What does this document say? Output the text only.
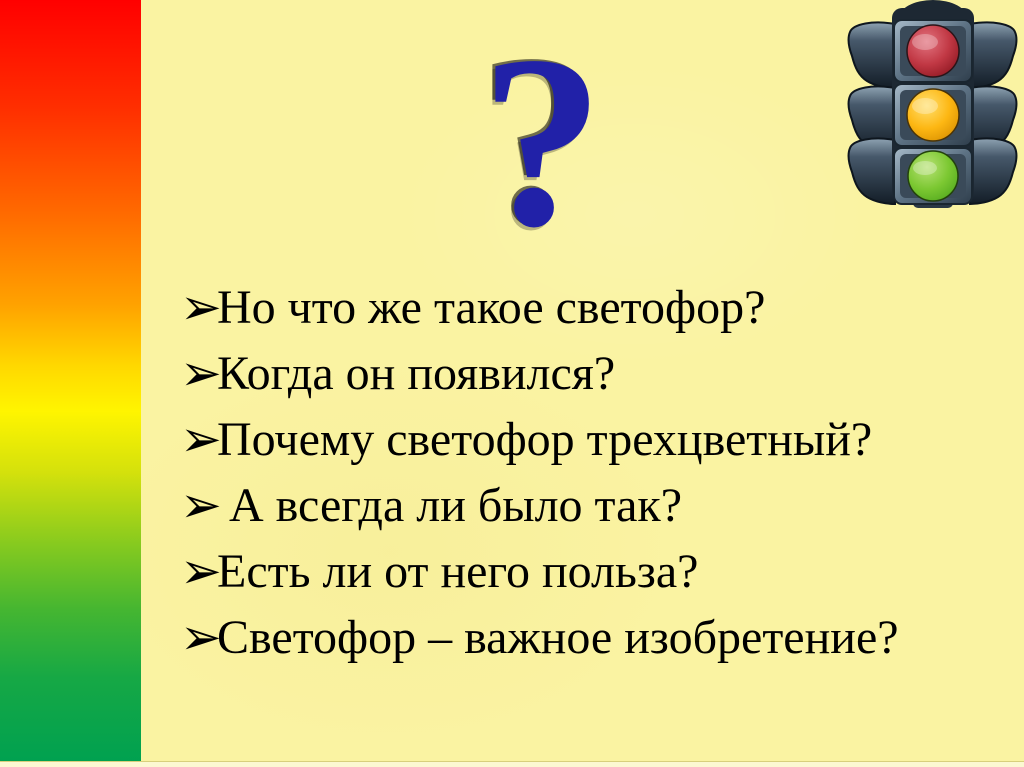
?
➢Но что же такое светофор?
➢Когда он появился?
➢Почему светофор трехцветный?
➢ А всегда ли было так?
➢Есть ли от него польза?
➢Светофор – важное изобретение?
